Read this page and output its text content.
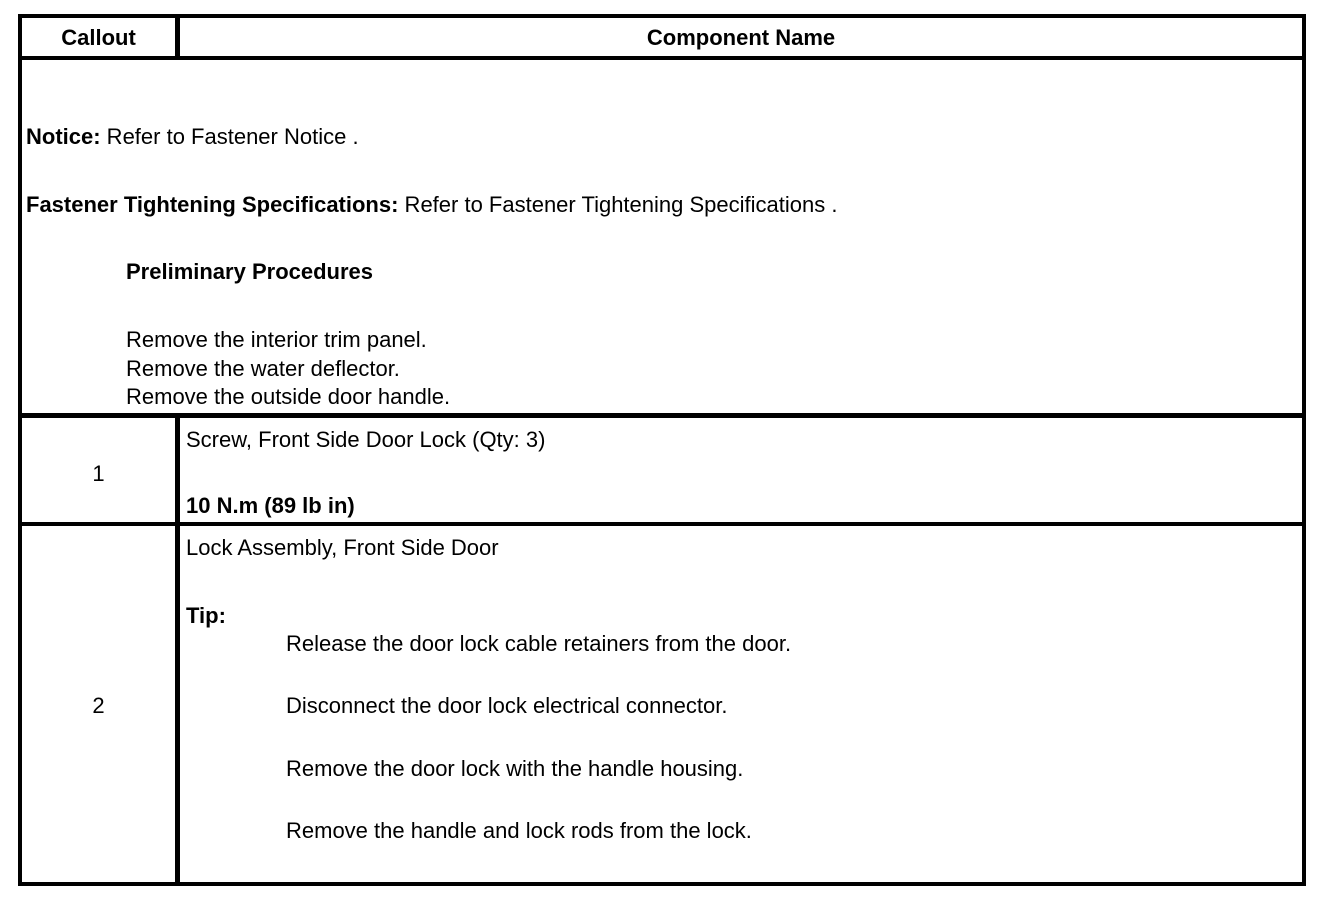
Callout	Component Name
Notice: Refer to Fastener Notice .
Fastener Tightening Specifications: Refer to Fastener Tightening Specifications .
Preliminary Procedures
Remove the interior trim panel.
Remove the water deflector.
Remove the outside door handle.
1
Screw, Front Side Door Lock (Qty: 3)
10 N.m (89 lb in)
2
Lock Assembly, Front Side Door
Tip:
Release the door lock cable retainers from the door.
Disconnect the door lock electrical connector.
Remove the door lock with the handle housing.
Remove the handle and lock rods from the lock.
